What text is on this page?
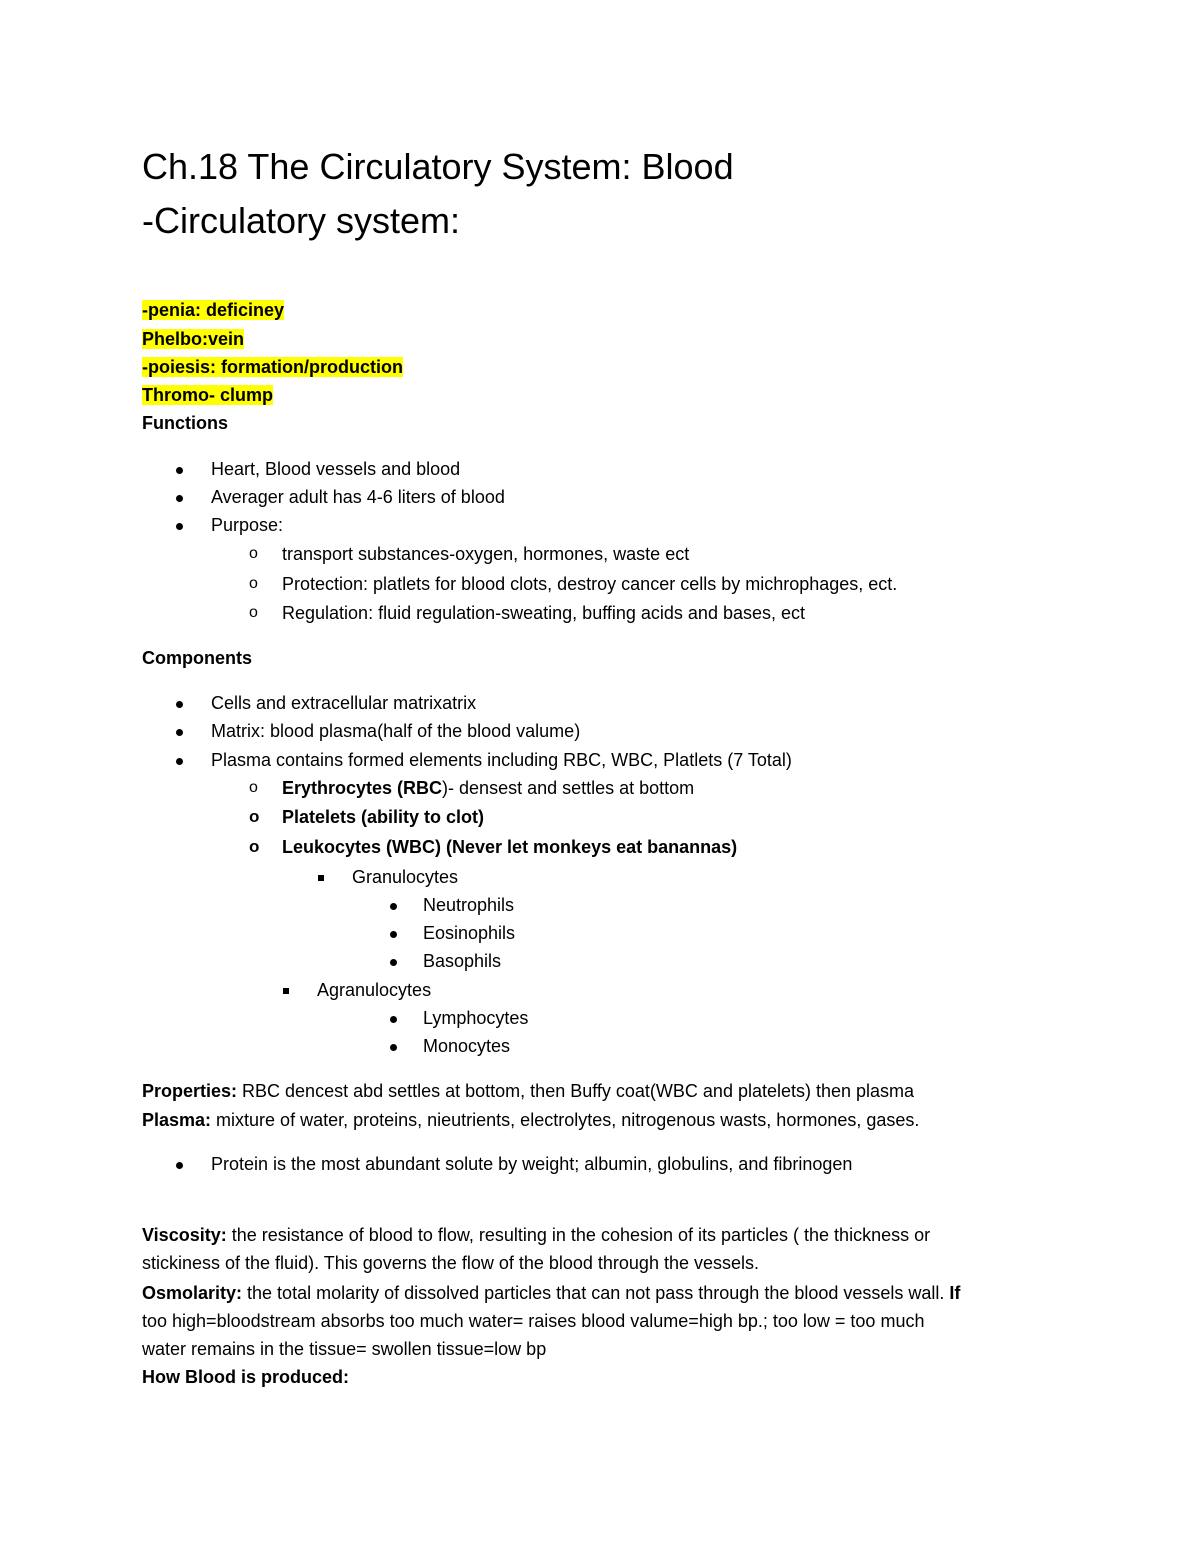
Ch.18 The Circulatory System: Blood
-Circulatory system:
-penia: deficiney
Phelbo:vein
-poiesis: formation/production
Thromo- clump
Functions
Heart, Blood vessels and blood
Averager adult has 4-6 liters of blood
Purpose:
o transport substances-oxygen, hormones, waste ect
o Protection: platlets for blood clots, destroy cancer cells by michrophages, ect.
o Regulation: fluid regulation-sweating, buffing acids and bases, ect
Components
Cells and extracellular matrixatrix
Matrix: blood plasma(half of the blood valume)
Plasma contains formed elements including RBC, WBC, Platlets (7 Total)
o Erythrocytes (RBC)- densest and settles at bottom
o Platelets (ability to clot)
o Leukocytes (WBC) (Never let monkeys eat banannas)
Granulocytes
Neutrophils
Eosinophils
Basophils
Agranulocytes
Lymphocytes
Monocytes
Properties: RBC dencest abd settles at bottom, then Buffy coat(WBC and platelets) then plasma
Plasma: mixture of water, proteins, nieutrients, electrolytes, nitrogenous wasts, hormones, gases.
Protein is the most abundant solute by weight; albumin, globulins, and fibrinogen
Viscosity: the resistance of blood to flow, resulting in the cohesion of its particles ( the thickness or
stickiness of the fluid). This governs the flow of the blood through the vessels.
Osmolarity: the total molarity of dissolved particles that can not pass through the blood vessels wall. If
too high=bloodstream absorbs too much water= raises blood valume=high bp.; too low = too much
water remains in the tissue= swollen tissue=low bp
How Blood is produced:
